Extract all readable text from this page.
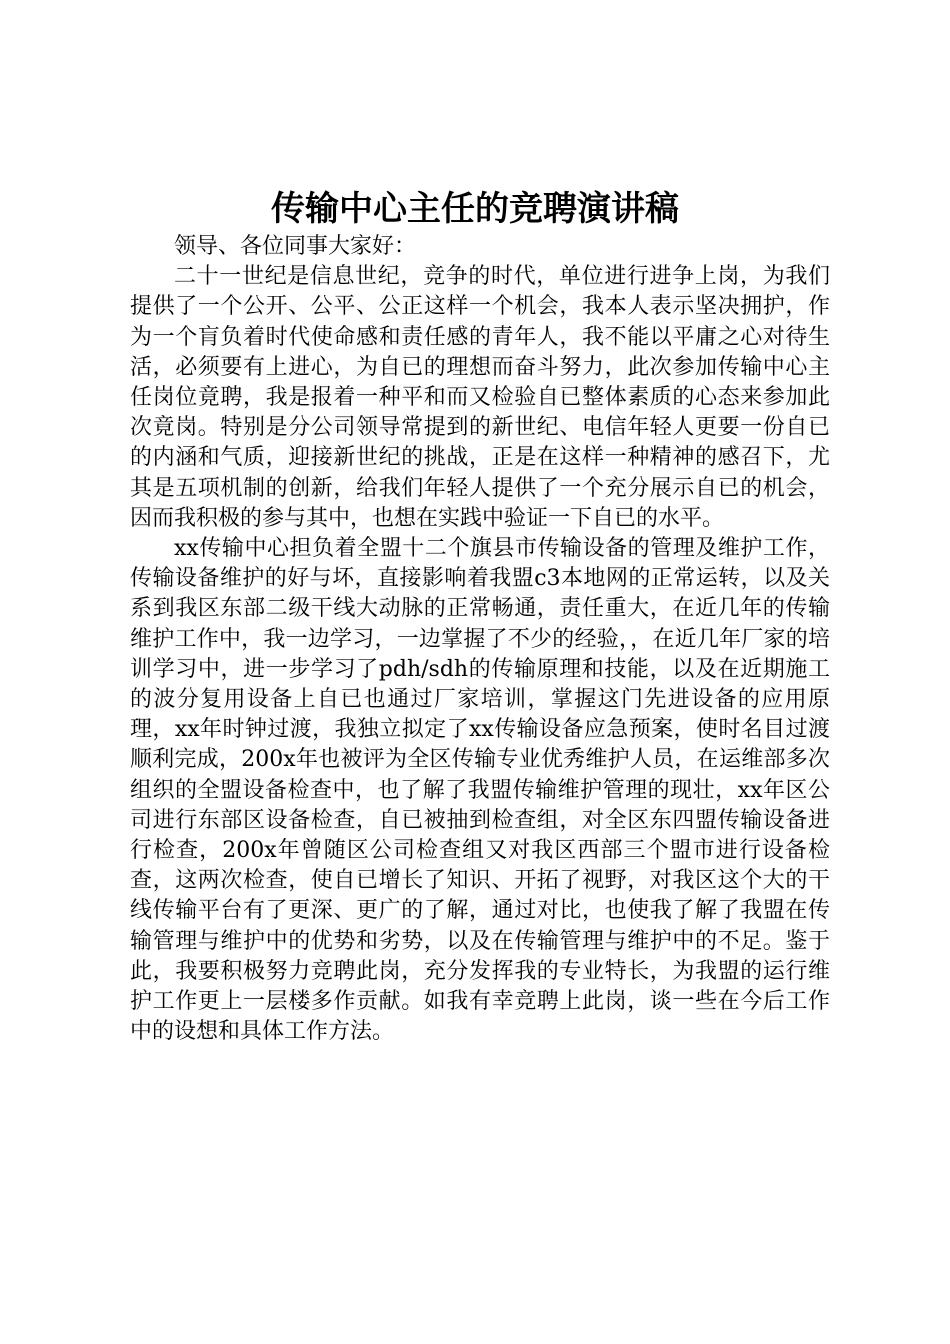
传输中心主任的竞聘演讲稿

领导、各位同事大家好：

二十一世纪是信息世纪，竞争的时代，单位进行进争上岗，为我们提供了一个公开、公平、公正这样一个机会，我本人表示坚决拥护，作为一个肓负着时代使命感和责任感的青年人，我不能以平庸之心对待生活，必须要有上进心，为自已的理想而奋斗努力，此次参加传输中心主任岗位竟聘，我是报着一种平和而又检验自已整体素质的心态来参加此次竟岗。特别是分公司领导常提到的新世纪、电信年轻人更要一份自已的内涵和气质，迎接新世纪的挑战，正是在这样一种精神的感召下，尤其是五项机制的创新，给我们年轻人提供了一个充分展示自已的机会，因而我积极的参与其中，也想在实践中验证一下自已的水平。

xx传输中心担负着全盟十二个旗县市传输设备的管理及维护工作，传输设备维护的好与坏，直接影响着我盟c3本地网的正常运转，以及关系到我区东部二级干线大动脉的正常畅通，责任重大，在近几年的传输维护工作中，我一边学习，一边掌握了不少的经验，，在近几年厂家的培训学习中，进一步学习了pdh/sdh的传输原理和技能，以及在近期施工的波分复用设备上自已也通过厂家培训，掌握这门先进设备的应用原理，xx年时钟过渡，我独立拟定了xx传输设备应急预案，使时名目过渡顺利完成，200x年也被评为全区传输专业优秀维护人员，在运维部多次组织的全盟设备检查中，也了解了我盟传输维护管理的现壮，xx年区公司进行东部区设备检查，自已被抽到检查组，对全区东四盟传输设备进行检查，200x年曾随区公司检查组又对我区西部三个盟市进行设备检查，这两次检查，使自已增长了知识、开拓了视野，对我区这个大的干线传输平台有了更深、更广的了解，通过对比，也使我了解了我盟在传输管理与维护中的优势和劣势，以及在传输管理与维护中的不足。鉴于此，我要积极努力竞聘此岗，充分发挥我的专业特长，为我盟的运行维护工作更上一层楼多作贡献。如我有幸竞聘上此岗，谈一些在今后工作中的设想和具体工作方法。
